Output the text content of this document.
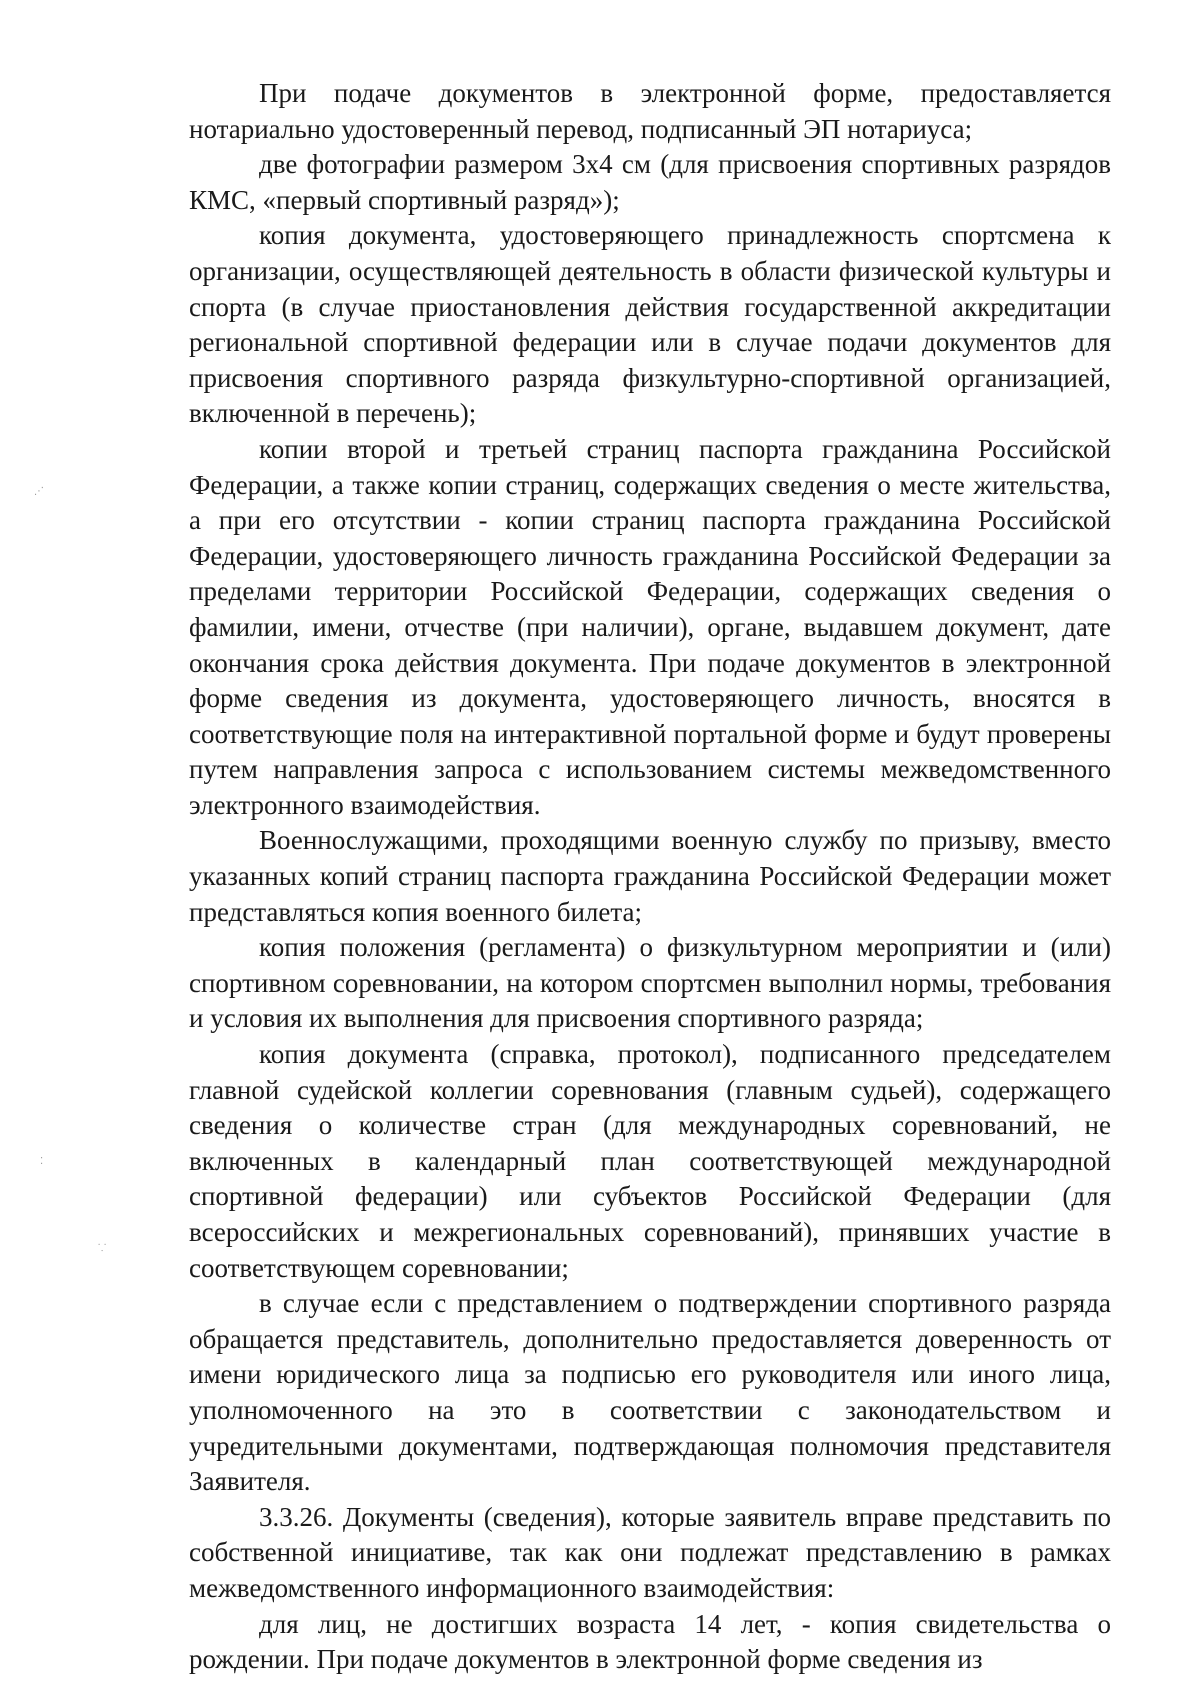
При подаче документов в электронной форме, предоставляется нотариально удостоверенный перевод, подписанный ЭП нотариуса;

две фотографии размером 3х4 см (для присвоения спортивных разрядов КМС, «первый спортивный разряд»);

копия документа, удостоверяющего принадлежность спортсмена к организации, осуществляющей деятельность в области физической культуры и спорта (в случае приостановления действия государственной аккредитации региональной спортивной федерации или в случае подачи документов для присвоения спортивного разряда физкультурно-спортивной организацией, включенной в перечень);

копии второй и третьей страниц паспорта гражданина Российской Федерации, а также копии страниц, содержащих сведения о месте жительства, а при его отсутствии - копии страниц паспорта гражданина Российской Федерации, удостоверяющего личность гражданина Российской Федерации за пределами территории Российской Федерации, содержащих сведения о фамилии, имени, отчестве (при наличии), органе, выдавшем документ, дате окончания срока действия документа. При подаче документов в электронной форме сведения из документа, удостоверяющего личность, вносятся в соответствующие поля на интерактивной портальной форме и будут проверены путем направления запроса с использованием системы межведомственного электронного взаимодействия.

Военнослужащими, проходящими военную службу по призыву, вместо указанных копий страниц паспорта гражданина Российской Федерации может представляться копия военного билета;

копия положения (регламента) о физкультурном мероприятии и (или) спортивном соревновании, на котором спортсмен выполнил нормы, требования и условия их выполнения для присвоения спортивного разряда;

копия документа (справка, протокол), подписанного председателем главной судейской коллегии соревнования (главным судьей), содержащего сведения о количестве стран (для международных соревнований, не включенных в календарный план соответствующей международной спортивной федерации) или субъектов Российской Федерации (для всероссийских и межрегиональных соревнований), принявших участие в соответствующем соревновании;

в случае если с представлением о подтверждении спортивного разряда обращается представитель, дополнительно предоставляется доверенность от имени юридического лица за подписью его руководителя или иного лица, уполномоченного на это в соответствии с законодательством и учредительными документами, подтверждающая полномочия представителя Заявителя.

3.3.26. Документы (сведения), которые заявитель вправе представить по собственной инициативе, так как они подлежат представлению в рамках межведомственного информационного взаимодействия:

для лиц, не достигших возраста 14 лет, - копия свидетельства о рождении. При подаче документов в электронной форме сведения из

⋰
⁚
⸪
